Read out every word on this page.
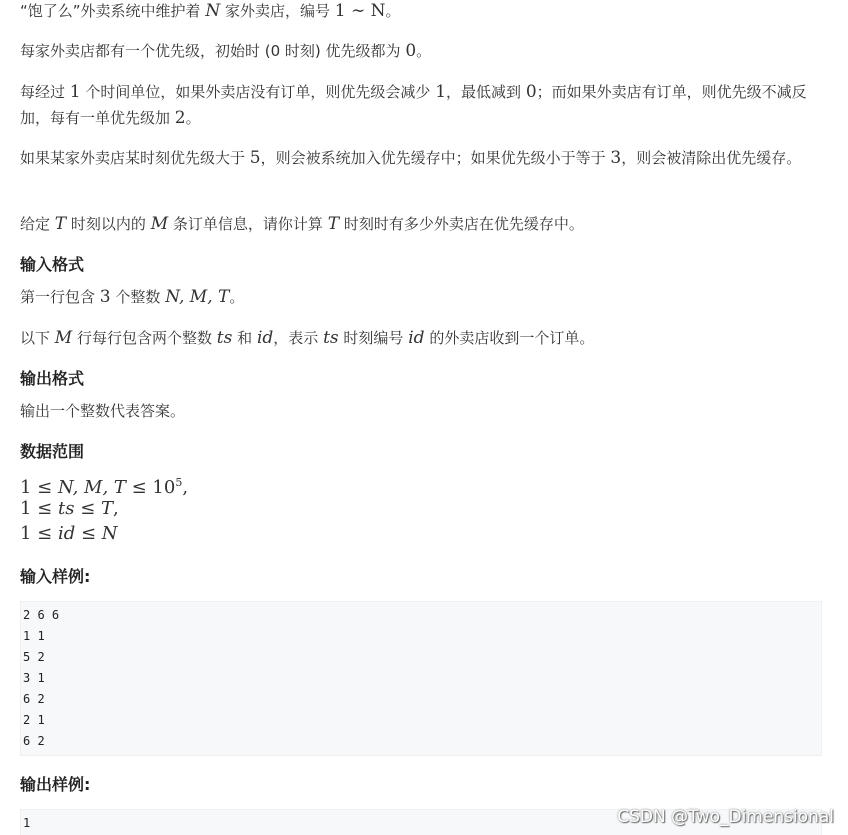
“饱了么”外卖系统中维护着 N 家外卖店，编号 1 ∼ N。

每家外卖店都有一个优先级，初始时 (0 时刻) 优先级都为 0。

每经过 1 个时间单位，如果外卖店没有订单，则优先级会减少 1，最低减到 0；而如果外卖店有订单，则优先级不减反加，每有一单优先级加 2。

如果某家外卖店某时刻优先级大于 5，则会被系统加入优先缓存中；如果优先级小于等于 3，则会被清除出优先缓存。

给定 T 时刻以内的 M 条订单信息，请你计算 T 时刻时有多少外卖店在优先缓存中。

输入格式

第一行包含 3 个整数 N, M, T。

以下 M 行每行包含两个整数 ts 和 id，表示 ts 时刻编号 id 的外卖店收到一个订单。

输出格式

输出一个整数代表答案。

数据范围

1 ≤ N, M, $T \le 10^5$,

1 ≤ ts ≤ T,

1 ≤ id ≤ N

输入样例:
输出样例:
2 6 6
1 1
5 2
3 1
6 2
2 1
6 2
1	CSDN @Two_Dimensional
